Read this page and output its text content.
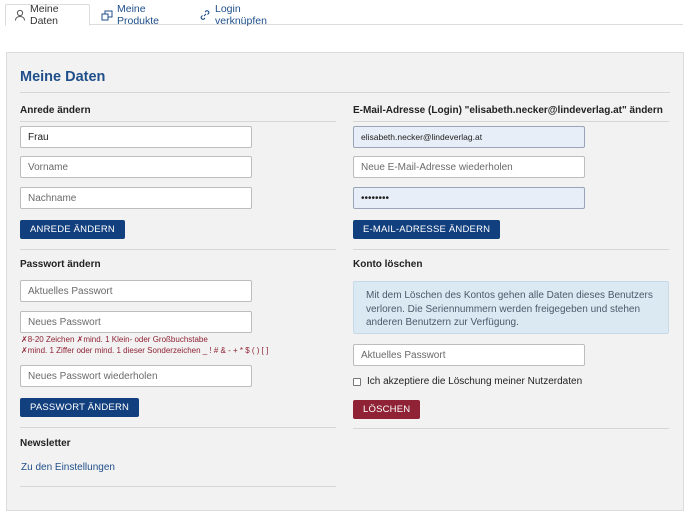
Meine Daten
Meine Produkte
Login verknüpfen
Meine Daten
Anrede ändern
Frau
Vorname
Nachname
ANREDE ÄNDERN
Passwort ändern
✗8-20 Zeichen ✗mind. 1 Klein- oder Großbuchstabe
✗mind. 1 Ziffer oder mind. 1 dieser Sonderzeichen _ ! # & - + * $ ( ) [ ]
PASSWORT ÄNDERN
Newsletter
Zu den Einstellungen
E-Mail-Adresse (Login) "elisabeth.necker@lindeverlag.at" ändern
elisabeth.necker@lindeverlag.at
Neue E-Mail-Adresse wiederholen
••••••••
E-MAIL-ADRESSE ÄNDERN
Konto löschen
Mit dem Löschen des Kontos gehen alle Daten dieses Benutzers verloren. Die Seriennummern werden freigegeben und stehen anderen Benutzern zur Verfügung.
Ich akzeptiere die Löschung meiner Nutzerdaten
LÖSCHEN
